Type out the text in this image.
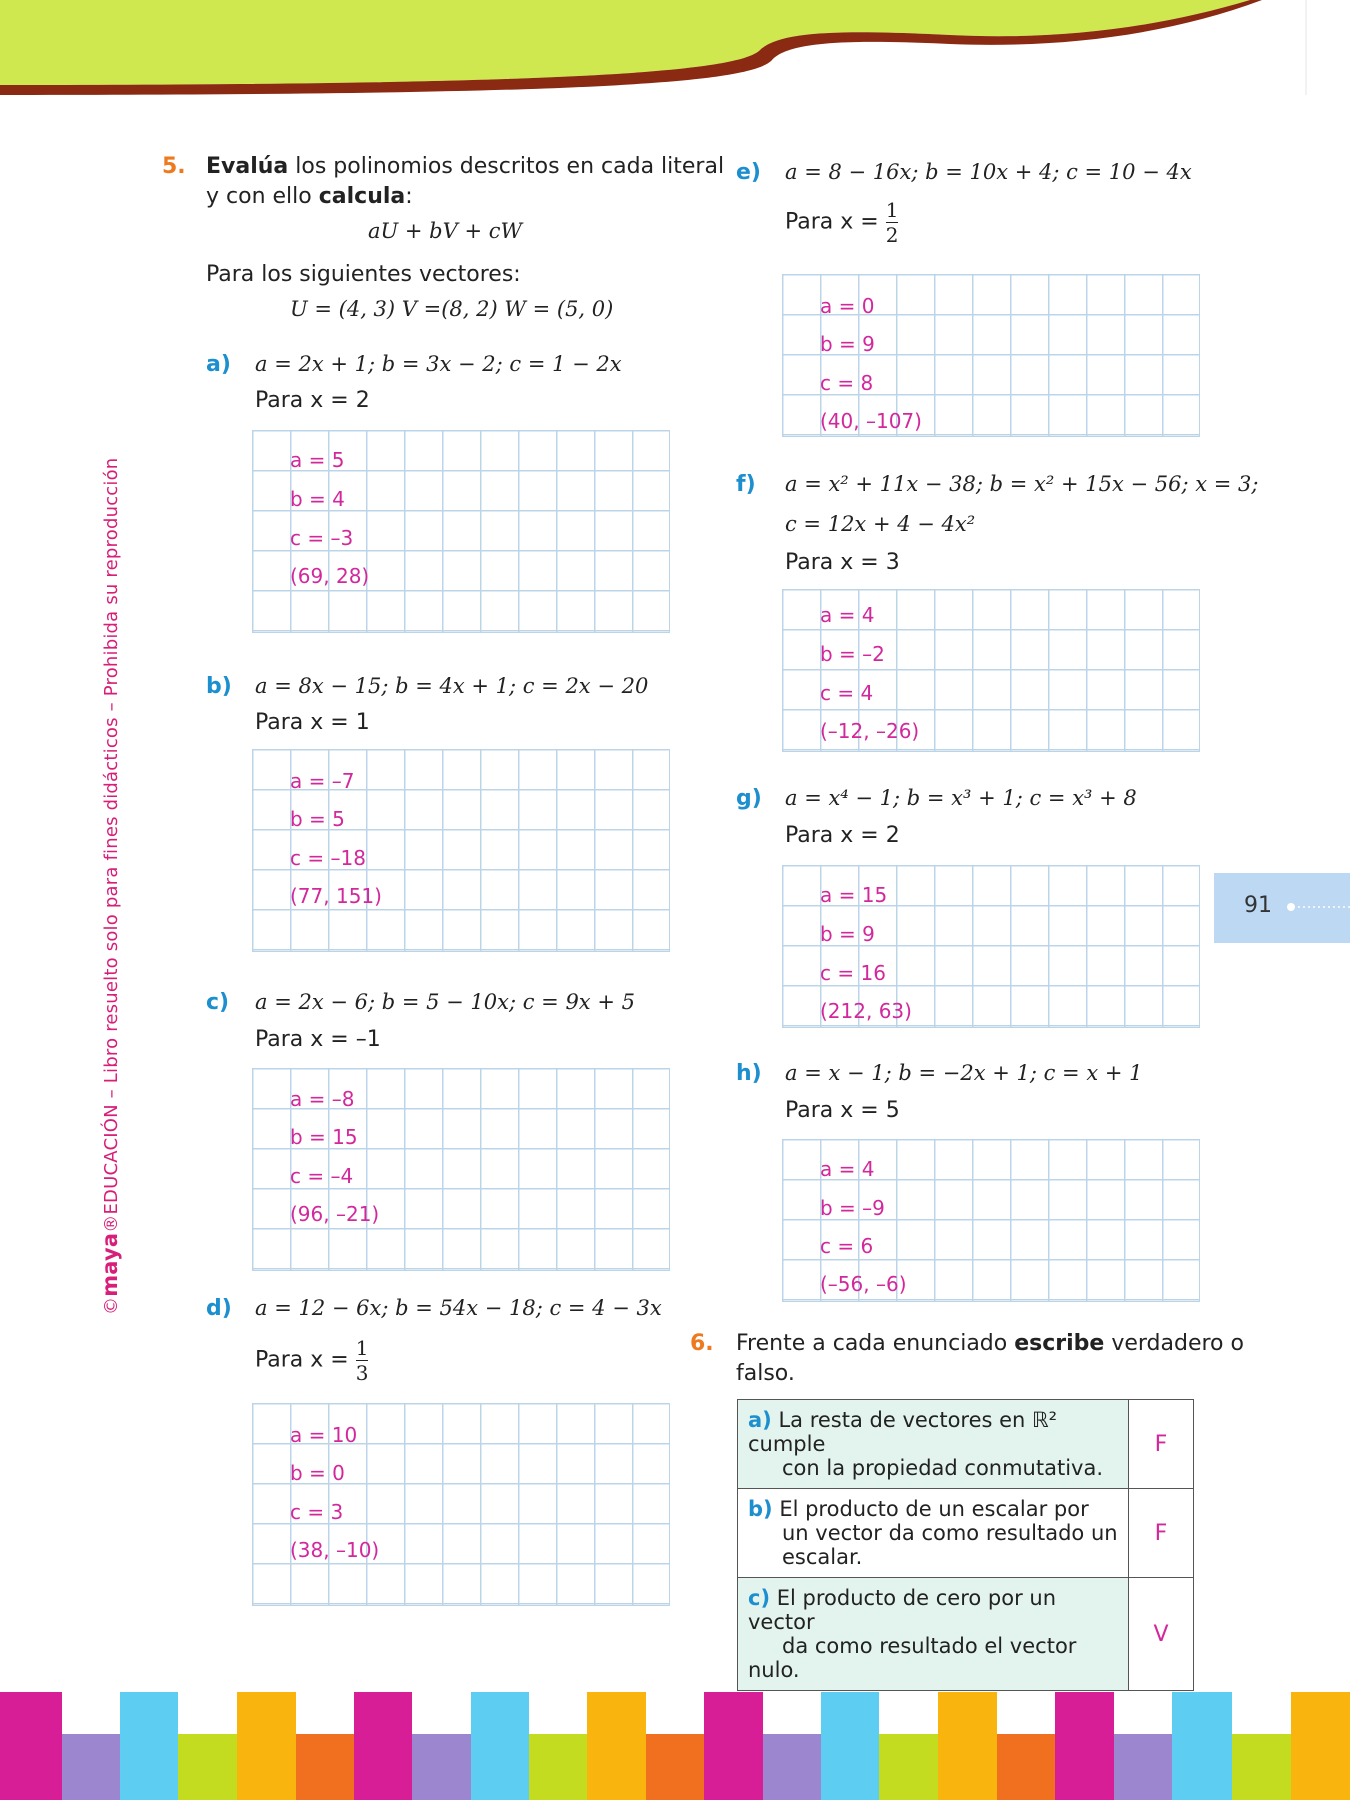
©maya®EDUCACIÓN – Libro resuelto solo para fines didácticos – Prohibida su reproducción	91
5. Evalúa los polinomios descritos en cada literal
y con ello calcula:
aU + bV + cW
Para los siguientes vectores:
U = (4, 3) V =(8, 2) W = (5, 0)
a) a = 2x + 1; b = 3x − 2; c = 1 − 2x
Para x = 2
a = 5
b = 4
c = –3
(69, 28)
b) a = 8x − 15; b = 4x + 1; c = 2x − 20
Para x = 1
a = –7
b = 5
c = –18
(77, 151)
c) a = 2x − 6; b = 5 − 10x; c = 9x + 5
Para x = –1
a = –8
b = 15
c = –4
(96, –21)
d) a = 12 − 6x; b = 54x − 18; c = 4 − 3x
Para $x = \frac{1}{3}$
a = 10
b = 0
c = 3
(38, –10)
e) a = 8 − 16x; b = 10x + 4; c = 10 − 4x
Para $x = \frac{1}{2}$
a = 0
b = 9
c = 8
(40, –107)
f) a = x² + 11x − 38; b = x² + 15x − 56; x = 3;
c = 12x + 4 − 4x²
Para x = 3
a = 4
b = –2
c = 4
(–12, –26)
g) a = x⁴ − 1; b = x³ + 1; c = x³ + 8
Para x = 2
a = 15
b = 9
c = 16
(212, 63)
h) a = x − 1; b = −2x + 1; c = x + 1
Para x = 5
a = 4
b = –9
c = 6
(–56, –6)
6. Frente a cada enunciado escribe verdadero o
falso.
a) La resta de vectores en ℝ² cumple
con la propiedad conmutativa.	F
b) El producto de un escalar por
un vector da como resultado un
escalar.	F
c) El producto de cero por un vector
da como resultado el vector nulo.	V
